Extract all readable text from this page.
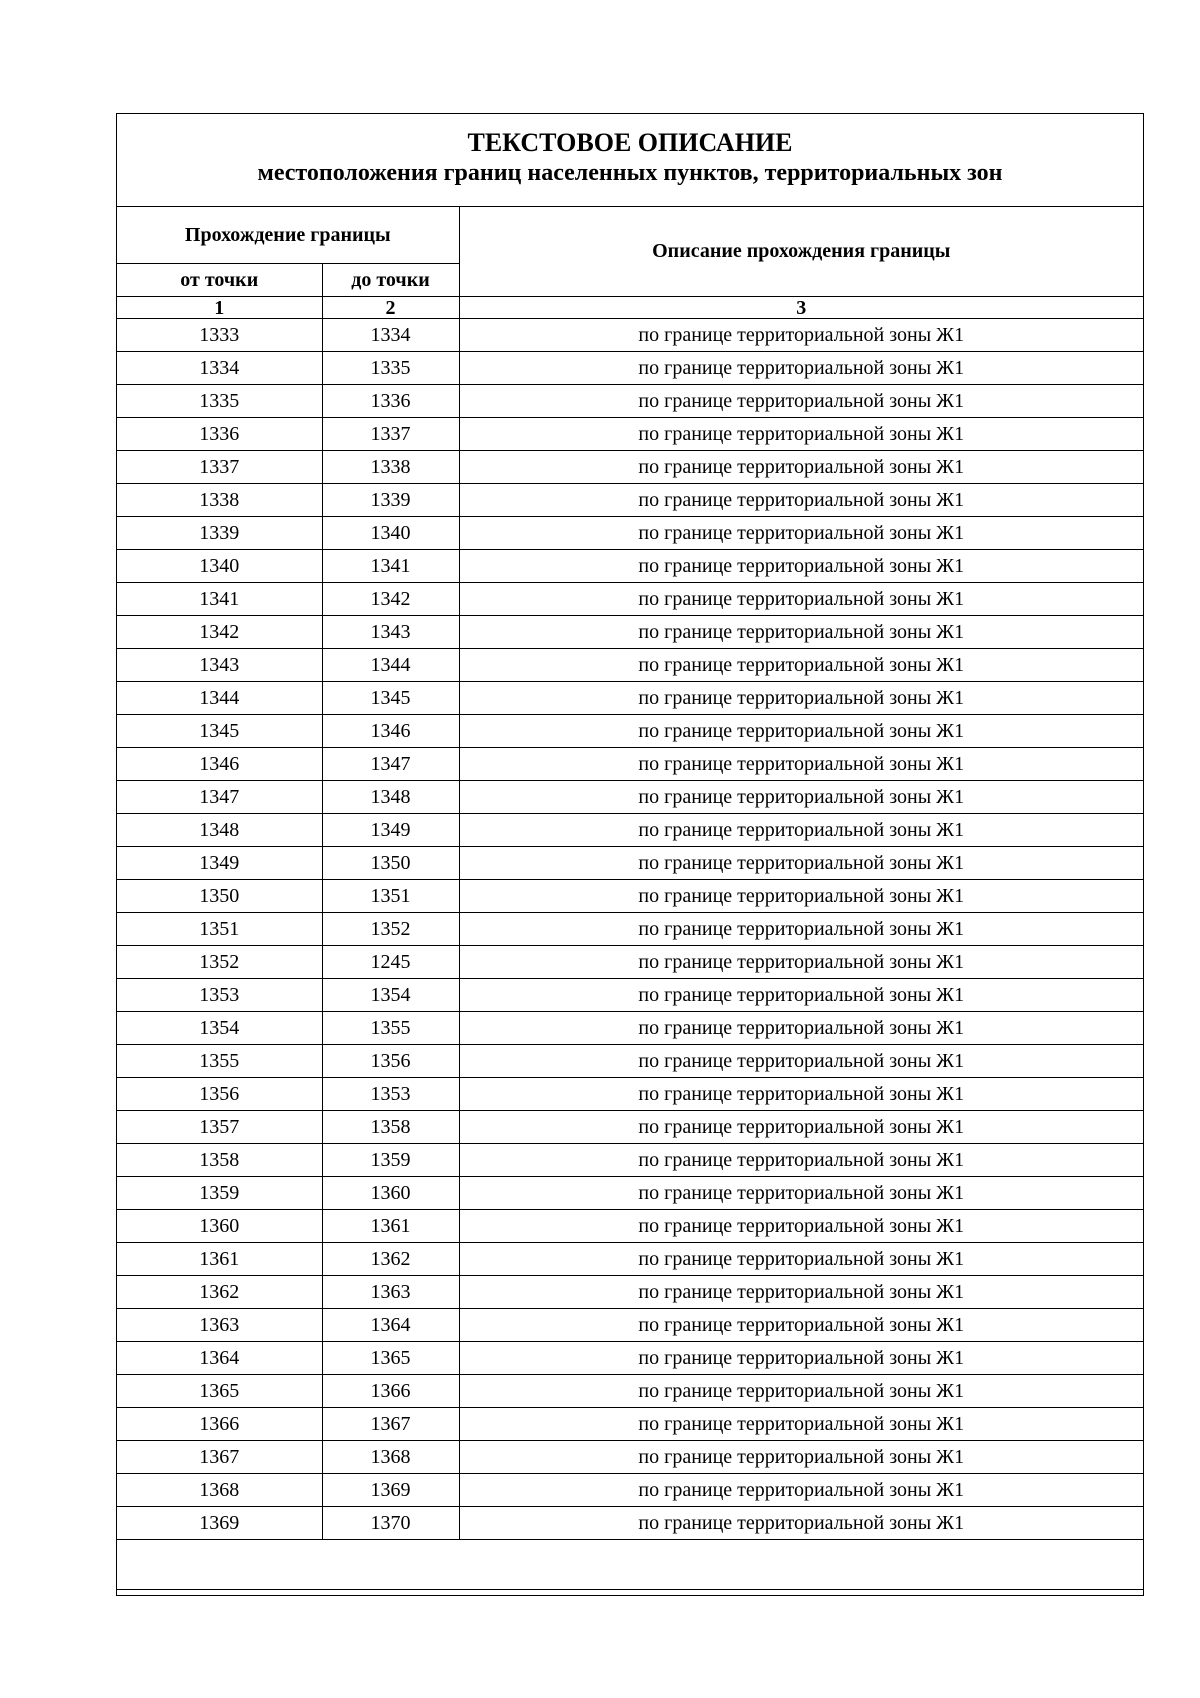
ТЕКСТОВОЕ ОПИСАНИЕ
местоположения границ населенных пунктов, территориальных зон
Прохождение границы		Описание прохождения границы
от точки	до точки	
1	2	3
1333	1334	по границе территориальной зоны Ж1
1334	1335	по границе территориальной зоны Ж1
1335	1336	по границе территориальной зоны Ж1
1336	1337	по границе территориальной зоны Ж1
1337	1338	по границе территориальной зоны Ж1
1338	1339	по границе территориальной зоны Ж1
1339	1340	по границе территориальной зоны Ж1
1340	1341	по границе территориальной зоны Ж1
1341	1342	по границе территориальной зоны Ж1
1342	1343	по границе территориальной зоны Ж1
1343	1344	по границе территориальной зоны Ж1
1344	1345	по границе территориальной зоны Ж1
1345	1346	по границе территориальной зоны Ж1
1346	1347	по границе территориальной зоны Ж1
1347	1348	по границе территориальной зоны Ж1
1348	1349	по границе территориальной зоны Ж1
1349	1350	по границе территориальной зоны Ж1
1350	1351	по границе территориальной зоны Ж1
1351	1352	по границе территориальной зоны Ж1
1352	1245	по границе территориальной зоны Ж1
1353	1354	по границе территориальной зоны Ж1
1354	1355	по границе территориальной зоны Ж1
1355	1356	по границе территориальной зоны Ж1
1356	1353	по границе территориальной зоны Ж1
1357	1358	по границе территориальной зоны Ж1
1358	1359	по границе территориальной зоны Ж1
1359	1360	по границе территориальной зоны Ж1
1360	1361	по границе территориальной зоны Ж1
1361	1362	по границе территориальной зоны Ж1
1362	1363	по границе территориальной зоны Ж1
1363	1364	по границе территориальной зоны Ж1
1364	1365	по границе территориальной зоны Ж1
1365	1366	по границе территориальной зоны Ж1
1366	1367	по границе территориальной зоны Ж1
1367	1368	по границе территориальной зоны Ж1
1368	1369	по границе территориальной зоны Ж1
1369	1370	по границе территориальной зоны Ж1
